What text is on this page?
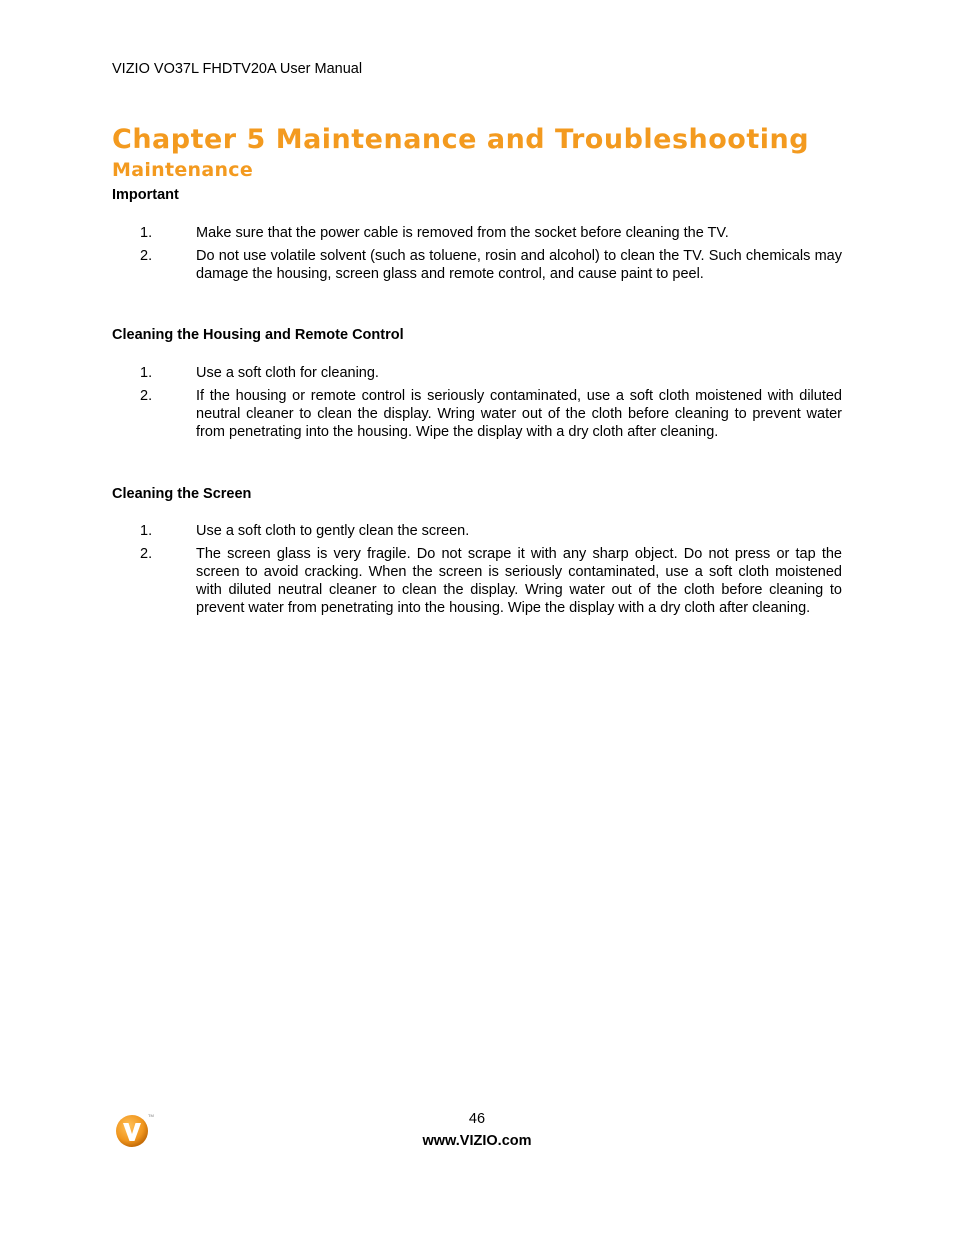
VIZIO VO37L FHDTV20A User Manual
Chapter 5 Maintenance and Troubleshooting
Maintenance
Important
1.	Make sure that the power cable is removed from the socket before cleaning the TV.
2.	Do not use volatile solvent (such as toluene, rosin and alcohol) to clean the TV. Such chemicals may damage the housing, screen glass and remote control, and cause paint to peel.
Cleaning the Housing and Remote Control
1.	Use a soft cloth for cleaning.
2.	If the housing or remote control is seriously contaminated, use a soft cloth moistened with diluted neutral cleaner to clean the display. Wring water out of the cloth before cleaning to prevent water from penetrating into the housing. Wipe the display with a dry cloth after cleaning.
Cleaning the Screen
1.	Use a soft cloth to gently clean the screen.
2.	The screen glass is very fragile. Do not scrape it with any sharp object. Do not press or tap the screen to avoid cracking. When the screen is seriously contaminated, use a soft cloth moistened with diluted neutral cleaner to clean the display. Wring water out of the cloth before cleaning to prevent water from penetrating into the housing. Wipe the display with a dry cloth after cleaning.
TM	46
www.VIZIO.com
